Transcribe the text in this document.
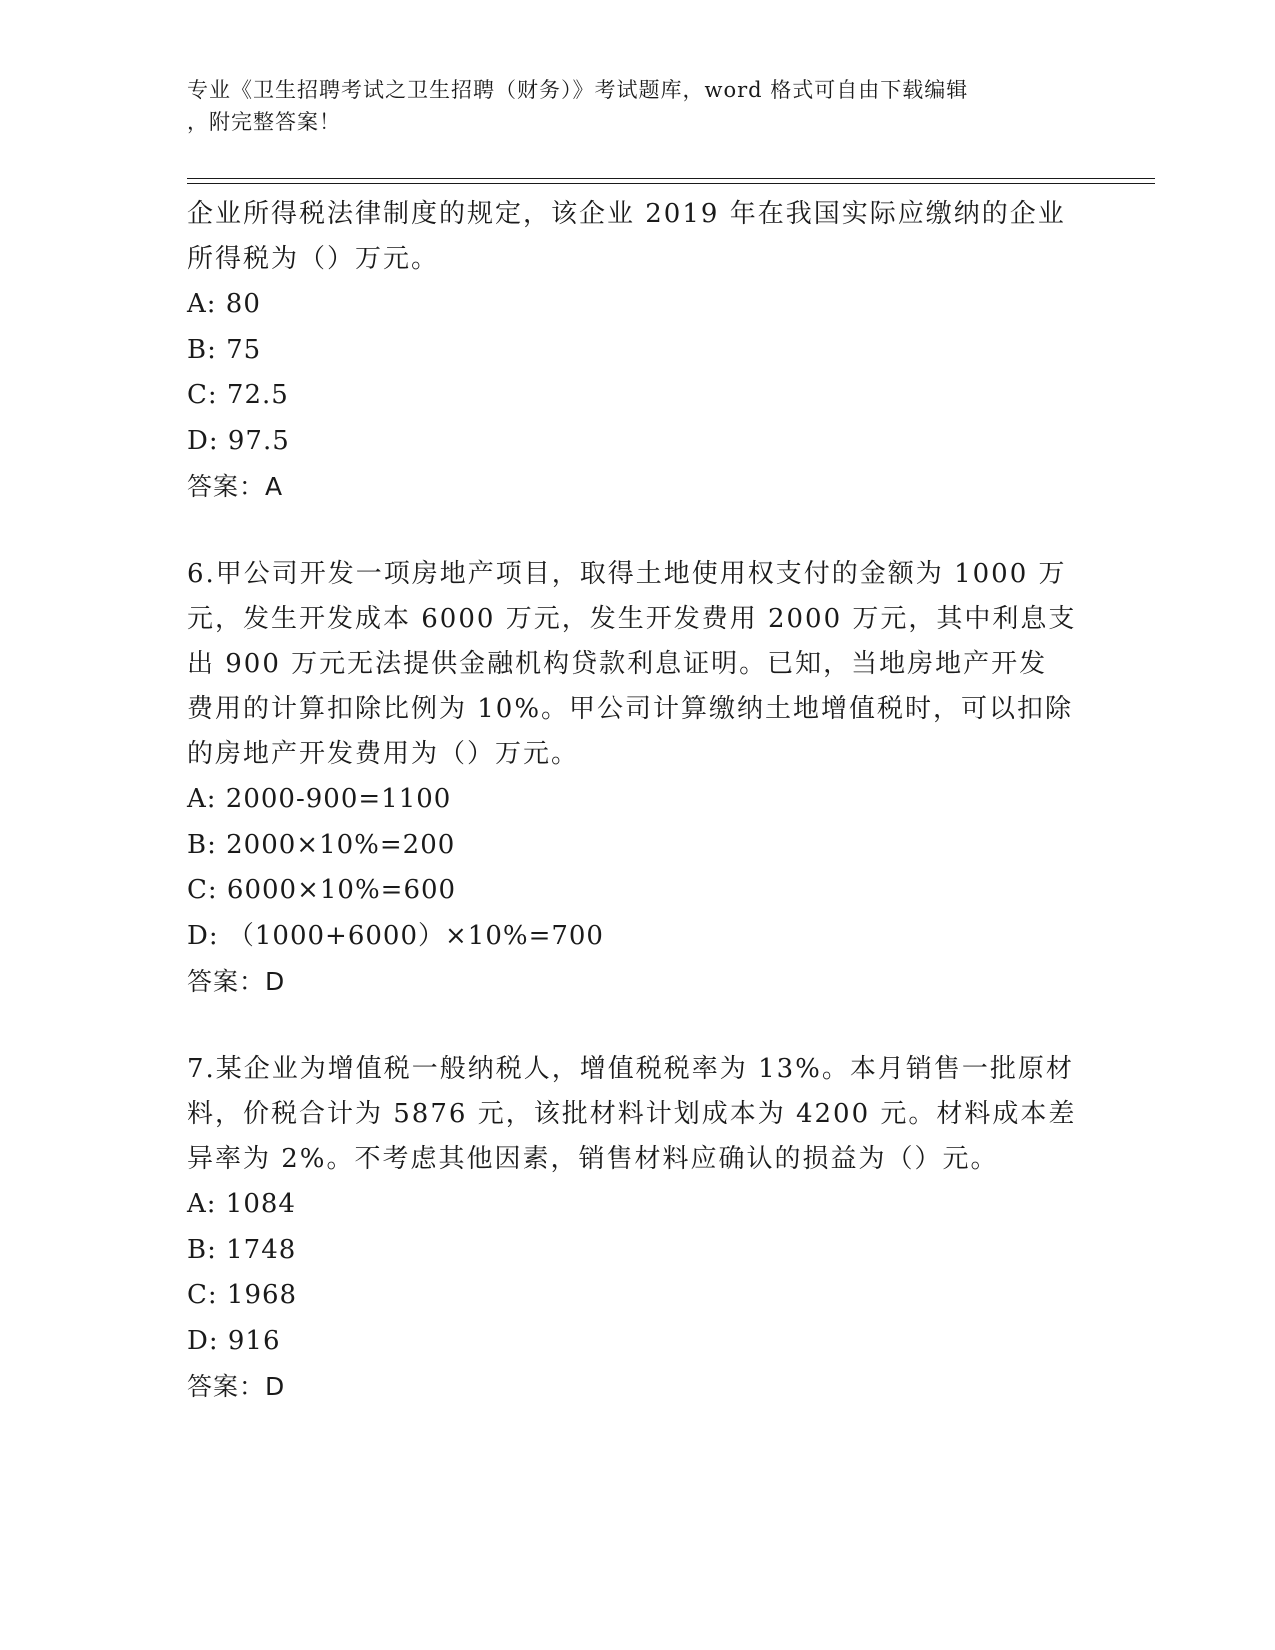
专业《卫生招聘考试之卫生招聘（财务）》考试题库，word 格式可自由下载编辑
，附完整答案！

企业所得税法律制度的规定，该企业 2019 年在我国实际应缴纳的企业
所得税为（）万元。

A: 80
B: 75
C: 72.5
D: 97.5
答案：A

6.甲公司开发一项房地产项目，取得土地使用权支付的金额为 1000 万
元，发生开发成本 6000 万元，发生开发费用 2000 万元，其中利息支
出 900 万元无法提供金融机构贷款利息证明。已知，当地房地产开发
费用的计算扣除比例为 10%。甲公司计算缴纳土地增值税时，可以扣除
的房地产开发费用为（）万元。

A: 2000-900=1100
B: 2000×10%=200
C: 6000×10%=600
D: （1000+6000）×10%=700
答案：D

7.某企业为增值税一般纳税人，增值税税率为 13%。本月销售一批原材
料，价税合计为 5876 元，该批材料计划成本为 4200 元。材料成本差
异率为 2%。不考虑其他因素，销售材料应确认的损益为（）元。

A: 1084
B: 1748
C: 1968
D: 916
答案：D
